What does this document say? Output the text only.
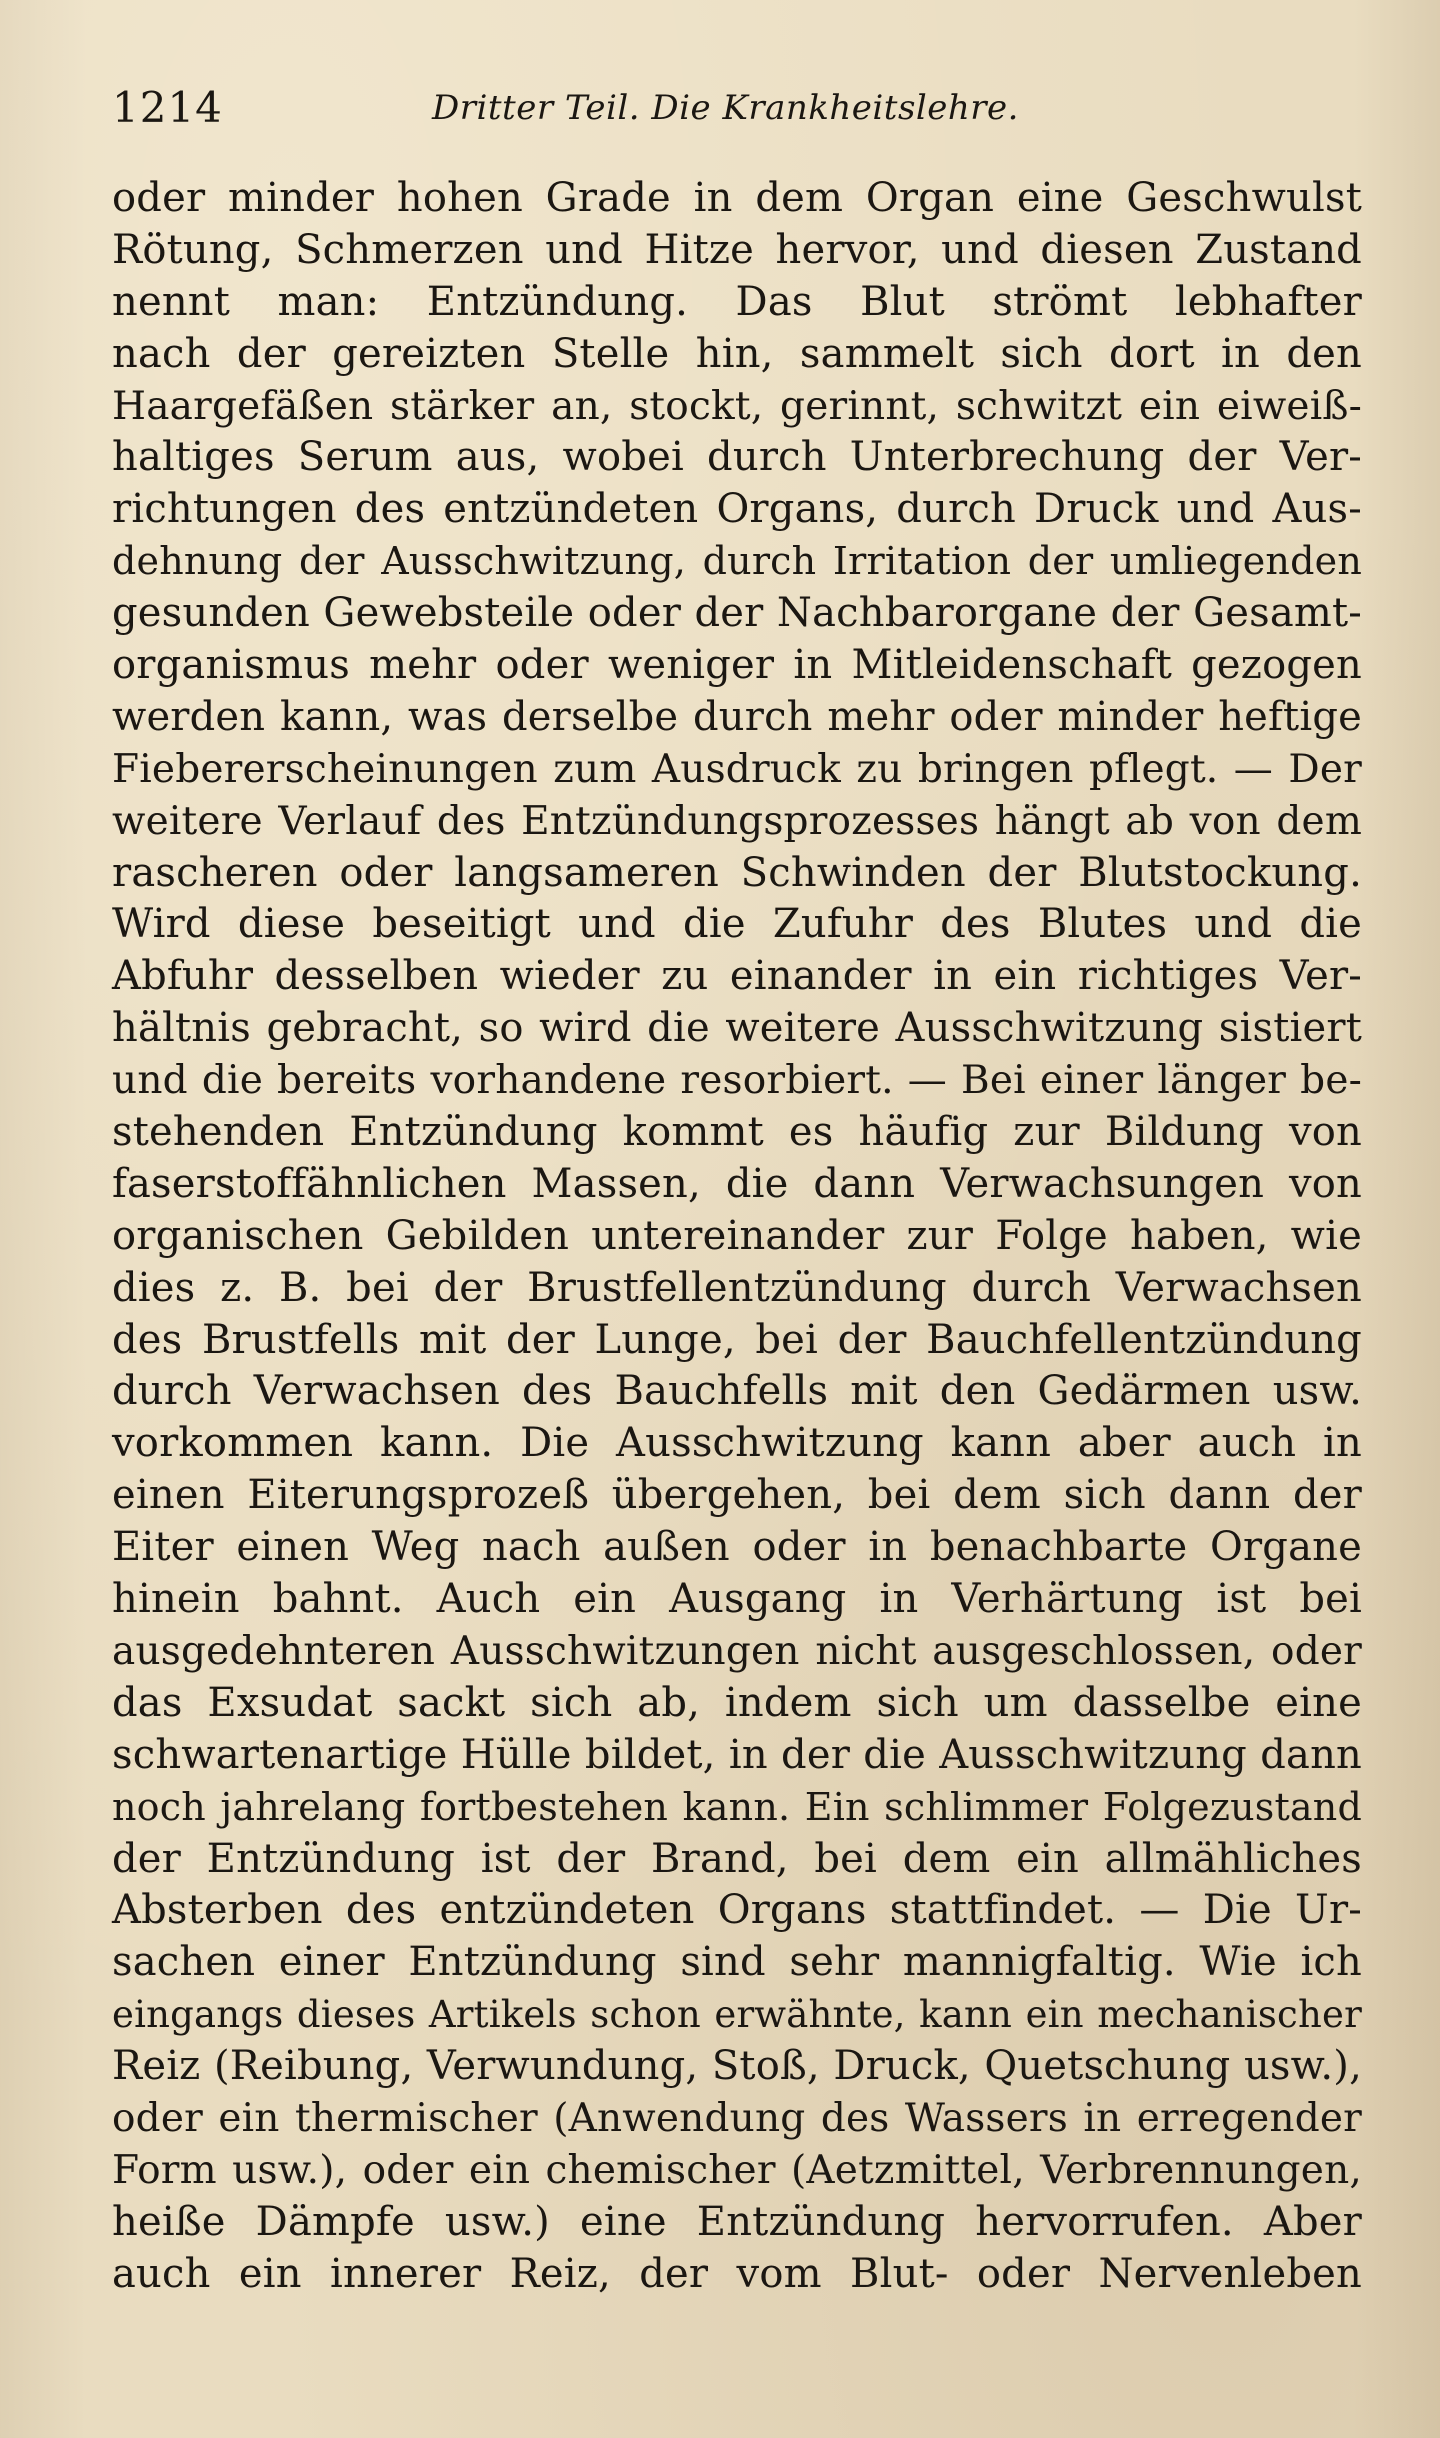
1214	Dritter Teil. Die Krankheitslehre.
oder minder hohen Grade in dem Organ eine Geschwulst
Rötung, Schmerzen und Hitze hervor, und diesen Zustand
nennt man: Entzündung. Das Blut strömt lebhafter
nach der gereizten Stelle hin, sammelt sich dort in den
Haargefäßen stärker an, stockt, gerinnt, schwitzt ein eiweiß-
haltiges Serum aus, wobei durch Unterbrechung der Ver-
richtungen des entzündeten Organs, durch Druck und Aus-
dehnung der Ausschwitzung, durch Irritation der umliegenden
gesunden Gewebsteile oder der Nachbarorgane der Gesamt-
organismus mehr oder weniger in Mitleidenschaft gezogen
werden kann, was derselbe durch mehr oder minder heftige
Fiebererscheinungen zum Ausdruck zu bringen pflegt. — Der
weitere Verlauf des Entzündungsprozesses hängt ab von dem
rascheren oder langsameren Schwinden der Blutstockung.
Wird diese beseitigt und die Zufuhr des Blutes und die
Abfuhr desselben wieder zu einander in ein richtiges Ver-
hältnis gebracht, so wird die weitere Ausschwitzung sistiert
und die bereits vorhandene resorbiert. — Bei einer länger be-
stehenden Entzündung kommt es häufig zur Bildung von
faserstoffähnlichen Massen, die dann Verwachsungen von
organischen Gebilden untereinander zur Folge haben, wie
dies z. B. bei der Brustfellentzündung durch Verwachsen
des Brustfells mit der Lunge, bei der Bauchfellentzündung
durch Verwachsen des Bauchfells mit den Gedärmen usw.
vorkommen kann. Die Ausschwitzung kann aber auch in
einen Eiterungsprozeß übergehen, bei dem sich dann der
Eiter einen Weg nach außen oder in benachbarte Organe
hinein bahnt. Auch ein Ausgang in Verhärtung ist bei
ausgedehnteren Ausschwitzungen nicht ausgeschlossen, oder
das Exsudat sackt sich ab, indem sich um dasselbe eine
schwartenartige Hülle bildet, in der die Ausschwitzung dann
noch jahrelang fortbestehen kann. Ein schlimmer Folgezustand
der Entzündung ist der Brand, bei dem ein allmähliches
Absterben des entzündeten Organs stattfindet. — Die Ur-
sachen einer Entzündung sind sehr mannigfaltig. Wie ich
eingangs dieses Artikels schon erwähnte, kann ein mechanischer
Reiz (Reibung, Verwundung, Stoß, Druck, Quetschung usw.),
oder ein thermischer (Anwendung des Wassers in erregender
Form usw.), oder ein chemischer (Aetzmittel, Verbrennungen,
heiße Dämpfe usw.) eine Entzündung hervorrufen. Aber
auch ein innerer Reiz, der vom Blut- oder Nervenleben
